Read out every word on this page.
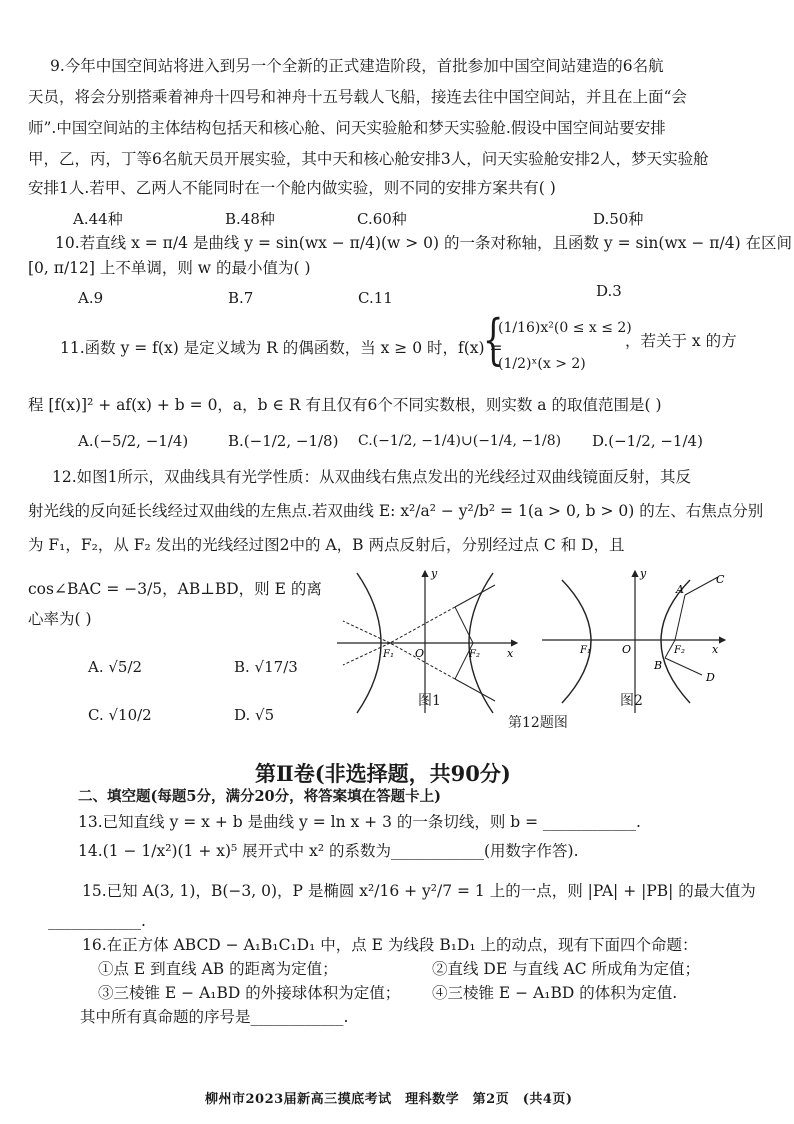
9.今年中国空间站将进入到另一个全新的正式建造阶段，首批参加中国空间站建造的6名航
天员，将会分别搭乘着神舟十四号和神舟十五号载人飞船，接连去往中国空间站，并且在上面“会
师”.中国空间站的主体结构包括天和核心舱、问天实验舱和梦天实验舱.假设中国空间站要安排
甲，乙，丙，丁等6名航天员开展实验，其中天和核心舱安排3人，问天实验舱安排2人，梦天实验舱
安排1人.若甲、乙两人不能同时在一个舱内做实验，则不同的安排方案共有( )
A.44种	B.48种	C.60种	D.50种
10.若直线 x = π/4 是曲线 y = sin(wx − π/4)(w > 0) 的一条对称轴，且函数 y = sin(wx − π/4) 在区间
[0, π/12] 上不单调，则 w 的最小值为( )
A.9	B.7	C.11	D.3
11.函数 y = f(x) 是定义域为 R 的偶函数，当 x ≥ 0 时，f(x) =
{
(1/16)x²(0 ≤ x ≤ 2)
(1/2)ˣ(x > 2)
，若关于 x 的方
程 [f(x)]² + af(x) + b = 0，a，b ∈ R 有且仅有6个不同实数根，则实数 a 的取值范围是( )
A.(−5/2, −1/4)	B.(−1/2, −1/8) C.(−1/2, −1/4)∪(−1/4, −1/8) D.(−1/2, −1/4)
12.如图1所示，双曲线具有光学性质：从双曲线右焦点发出的光线经过双曲线镜面反射，其反
射光线的反向延长线经过双曲线的左焦点.若双曲线 E: x²/a² − y²/b² = 1(a > 0, b > 0) 的左、右焦点分别
为 F₁，F₂，从 F₂ 发出的光线经过图2中的 A，B 两点反射后，分别经过点 C 和 D，且
cos∠BAC = −3/5，AB⊥BD，则 E 的离
心率为( )
A. √5/2	B. √17/3
C. √10/2	D. √5
y
x
O
F₁	F₂
图1
y
x
O
F₁	F₂
A
B
C
D
图2
第12题图
第Ⅱ卷(非选择题，共90分)
二、填空题(每题5分，满分20分，将答案填在答题卡上)
13.已知直线 y = x + b 是曲线 y = ln x + 3 的一条切线，则 b = ____________.
14.(1 − 1/x²)(1 + x)⁵ 展开式中 x² 的系数为____________(用数字作答).
15.已知 A(3, 1)，B(−3, 0)，P 是椭圆 x²/16 + y²/7 = 1 上的一点，则 |PA| + |PB| 的最大值为
____________.
16.在正方体 ABCD − A₁B₁C₁D₁ 中，点 E 为线段 B₁D₁ 上的动点，现有下面四个命题：
①点 E 到直线 AB 的距离为定值；	②直线 DE 与直线 AC 所成角为定值；
③三棱锥 E − A₁BD 的外接球体积为定值； ④三棱锥 E − A₁BD 的体积为定值.
其中所有真命题的序号是____________.
柳州市2023届新高三摸底考试　理科数学　第2页　(共4页)
